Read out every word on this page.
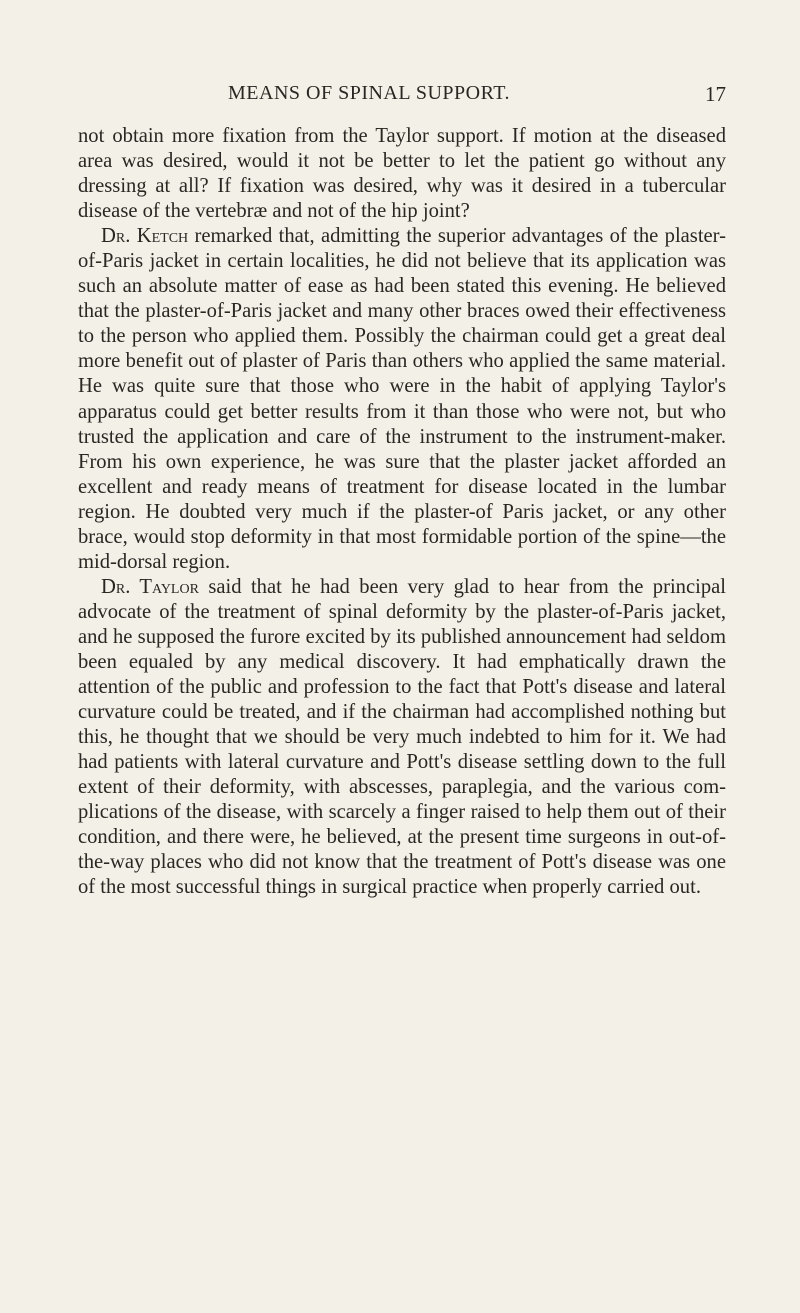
MEANS OF SPINAL SUPPORT.	17

not obtain more fixation from the Taylor support. If motion at the diseased area was desired, would it not be better to let the patient go without any dressing at all? If fixation was desired, why was it desired in a tubercular disease of the vertebræ and not of the hip joint?

Dr. Ketch remarked that, admitting the superior advantages of the plaster-of-Paris jacket in certain localities, he did not believe that its application was such an absolute matter of ease as had been stated this evening. He believed that the plaster-of-Paris jacket and many other braces owed their effectiveness to the person who applied them. Possibly the chairman could get a great deal more benefit out of plaster of Paris than others who applied the same material. He was quite sure that those who were in the habit of applying Taylor's apparatus could get better results from it than those who were not, but who trusted the application and care of the instrument to the instrument-maker. From his own experience, he was sure that the plaster jacket afforded an excellent and ready means of treatment for disease located in the lumbar region. He doubted very much if the plaster-of Paris jacket, or any other brace, would stop deformity in that most formidable portion of the spine—the mid-dorsal region.

Dr. Taylor said that he had been very glad to hear from the principal advocate of the treatment of spinal deformity by the plaster-of-Paris jacket, and he supposed the furore excited by its published announcement had seldom been equaled by any medical discovery. It had emphatically drawn the attention of the public and profession to the fact that Pott's disease and lateral curvature could be treated, and if the chairman had accomplished nothing but this, he thought that we should be very much indebted to him for it. We had had patients with lateral curvature and Pott's disease settling down to the full extent of their deformity, with abscesses, paraplegia, and the various complications of the disease, with scarcely a finger raised to help them out of their condition, and there were, he believed, at the present time surgeons in out-of-the-way places who did not know that the treatment of Pott's disease was one of the most successful things in surgical practice when properly carried out.
